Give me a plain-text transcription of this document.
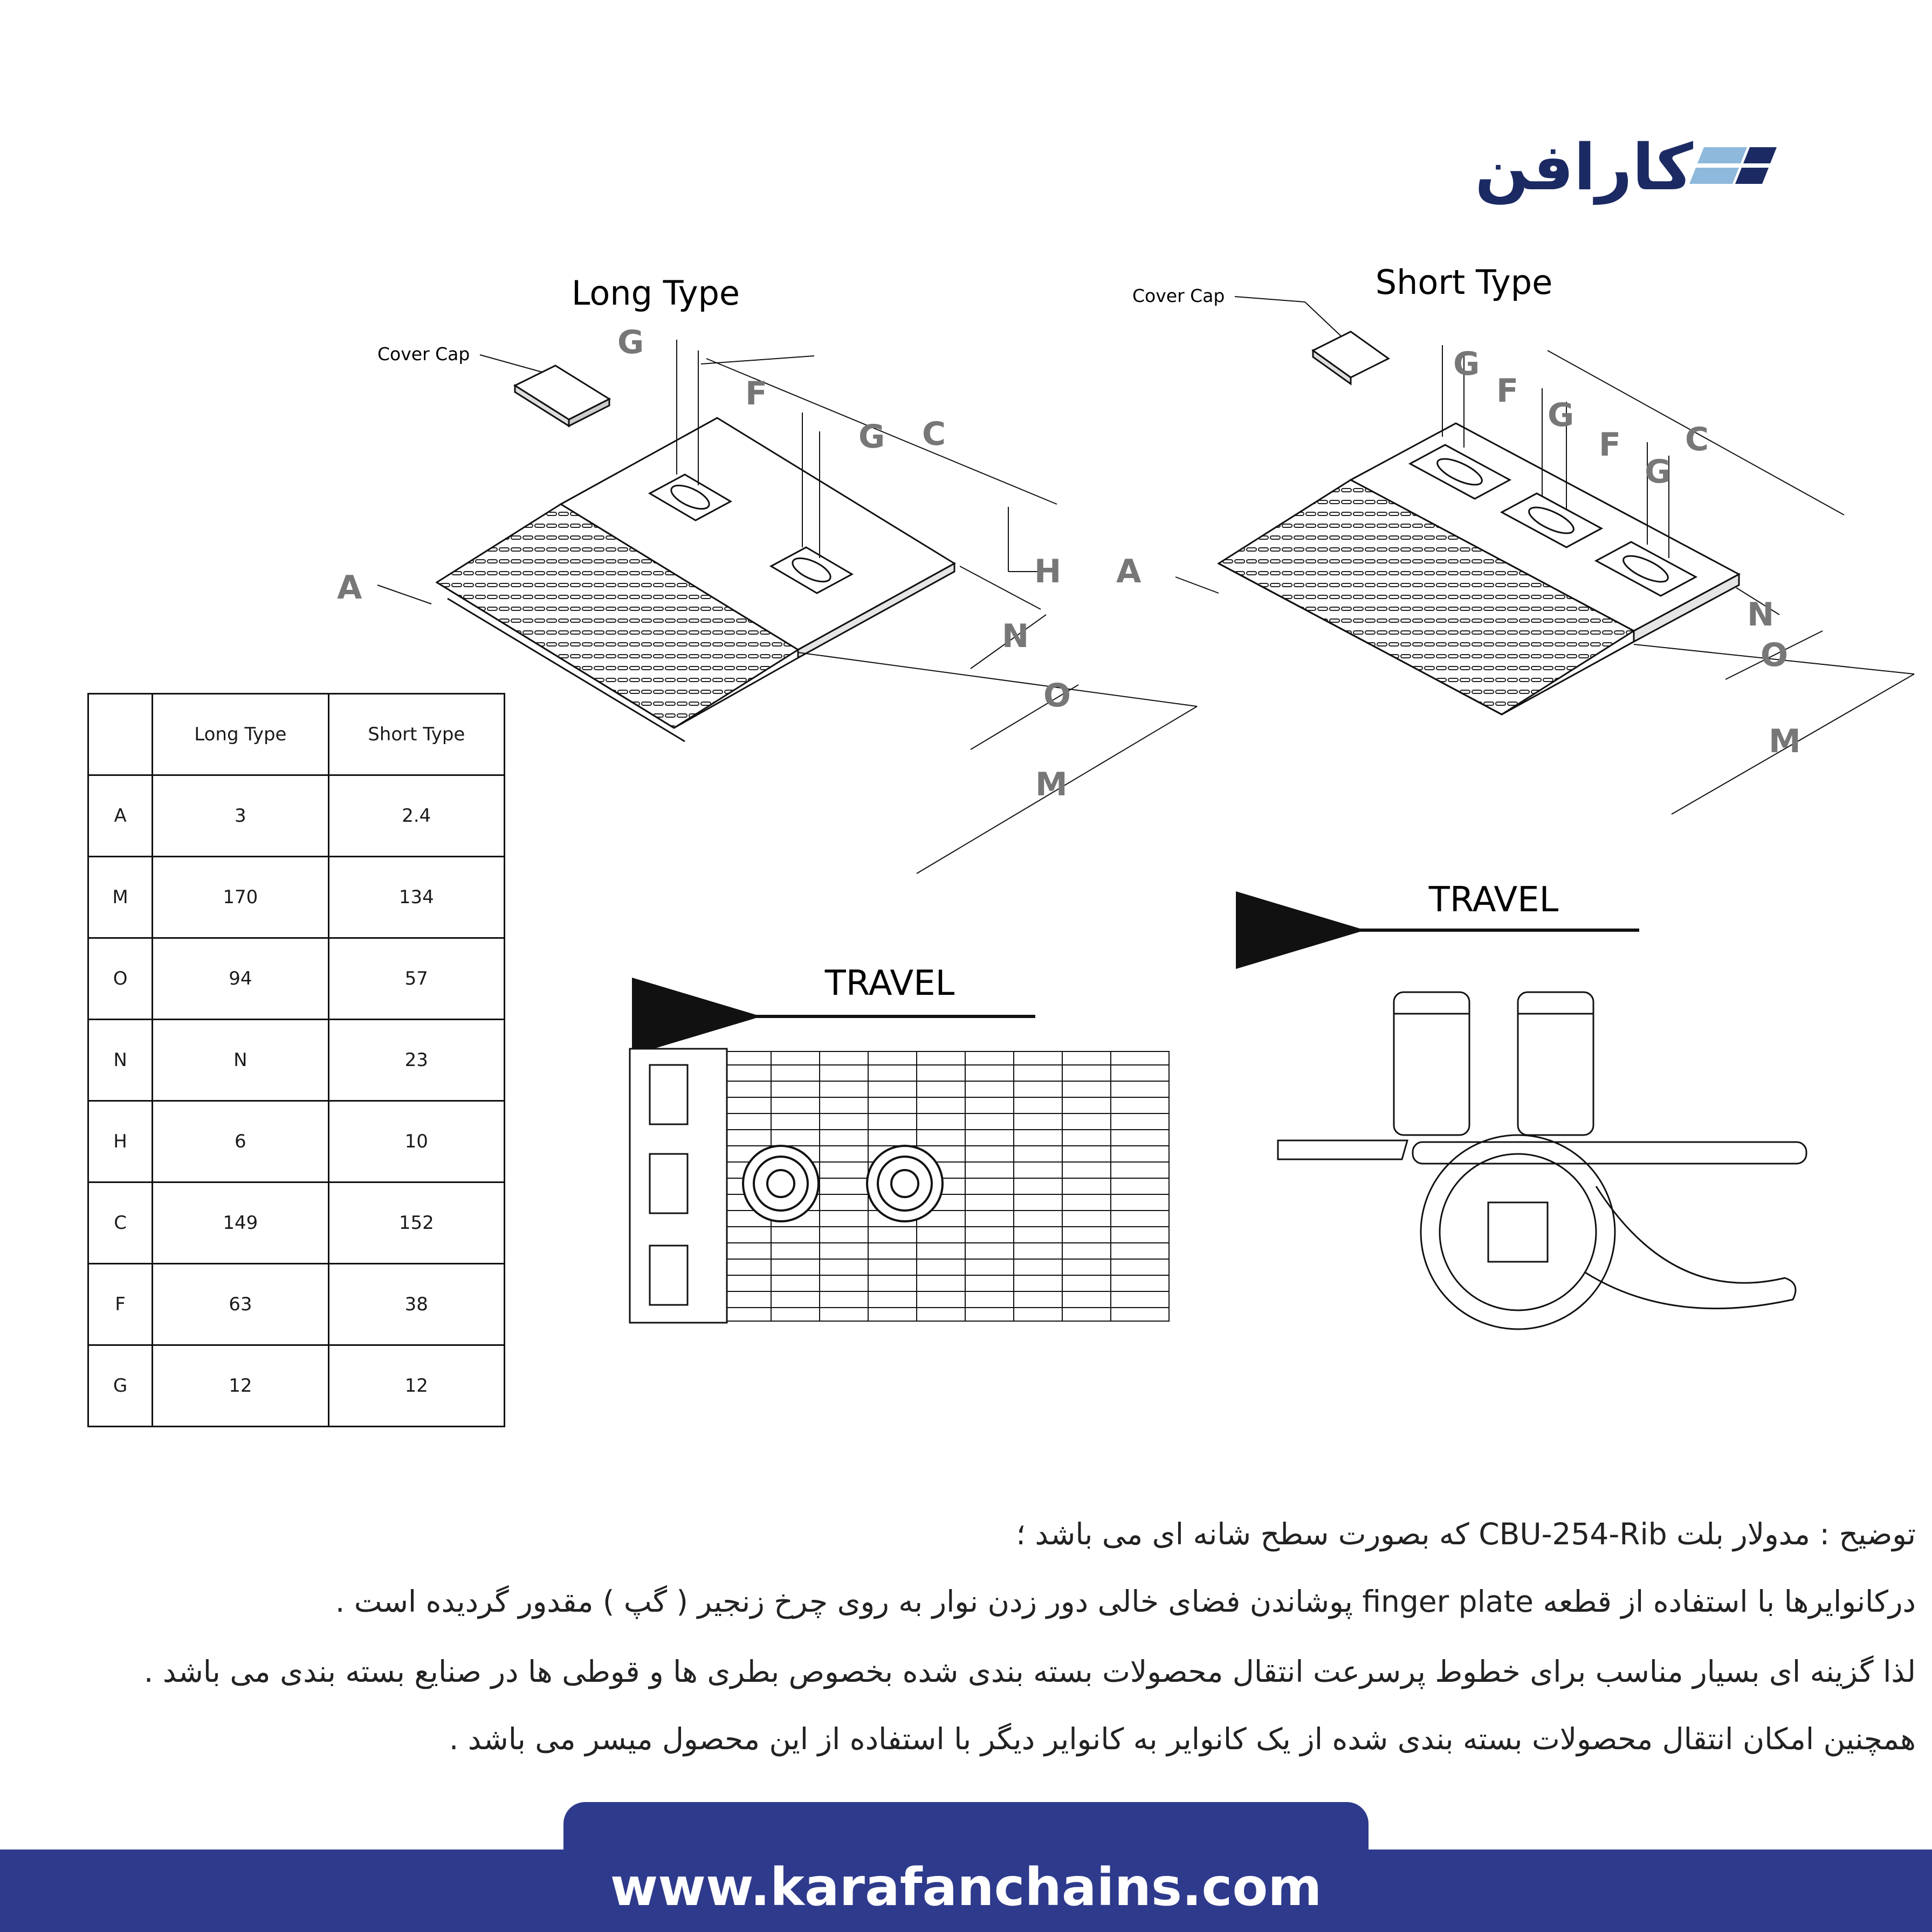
کارافن
Long Type
Cover Cap
A
G
F
G C
H
N
O
M
Short Type
Cover Cap
A
G
F
G
F
G
C
N
O
M
TRAVEL
TRAVEL
	Long Type	Short Type
A	3	2.4
M	170	134
O	94	57
N	N	23
H	6	10
C	149	152
F	63	38
G	12	12
توضیح : مدولار بلت CBU-254-Rib که بصورت سطح شانه ای می باشد ؛
درکانوایرها با استفاده از قطعه finger plate پوشاندن فضای خالی دور زدن نوار به روی چرخ زنجیر ( گپ ) مقدور گردیده است .
لذا گزینه ای بسیار مناسب برای خطوط پرسرعت انتقال محصولات بسته بندی شده بخصوص بطری ها و قوطی ها در صنایع بسته بندی می باشد .
همچنین امکان انتقال محصولات بسته بندی شده از یک کانوایر به کانوایر دیگر با استفاده از این محصول میسر می باشد .
www.karafanchains.com
